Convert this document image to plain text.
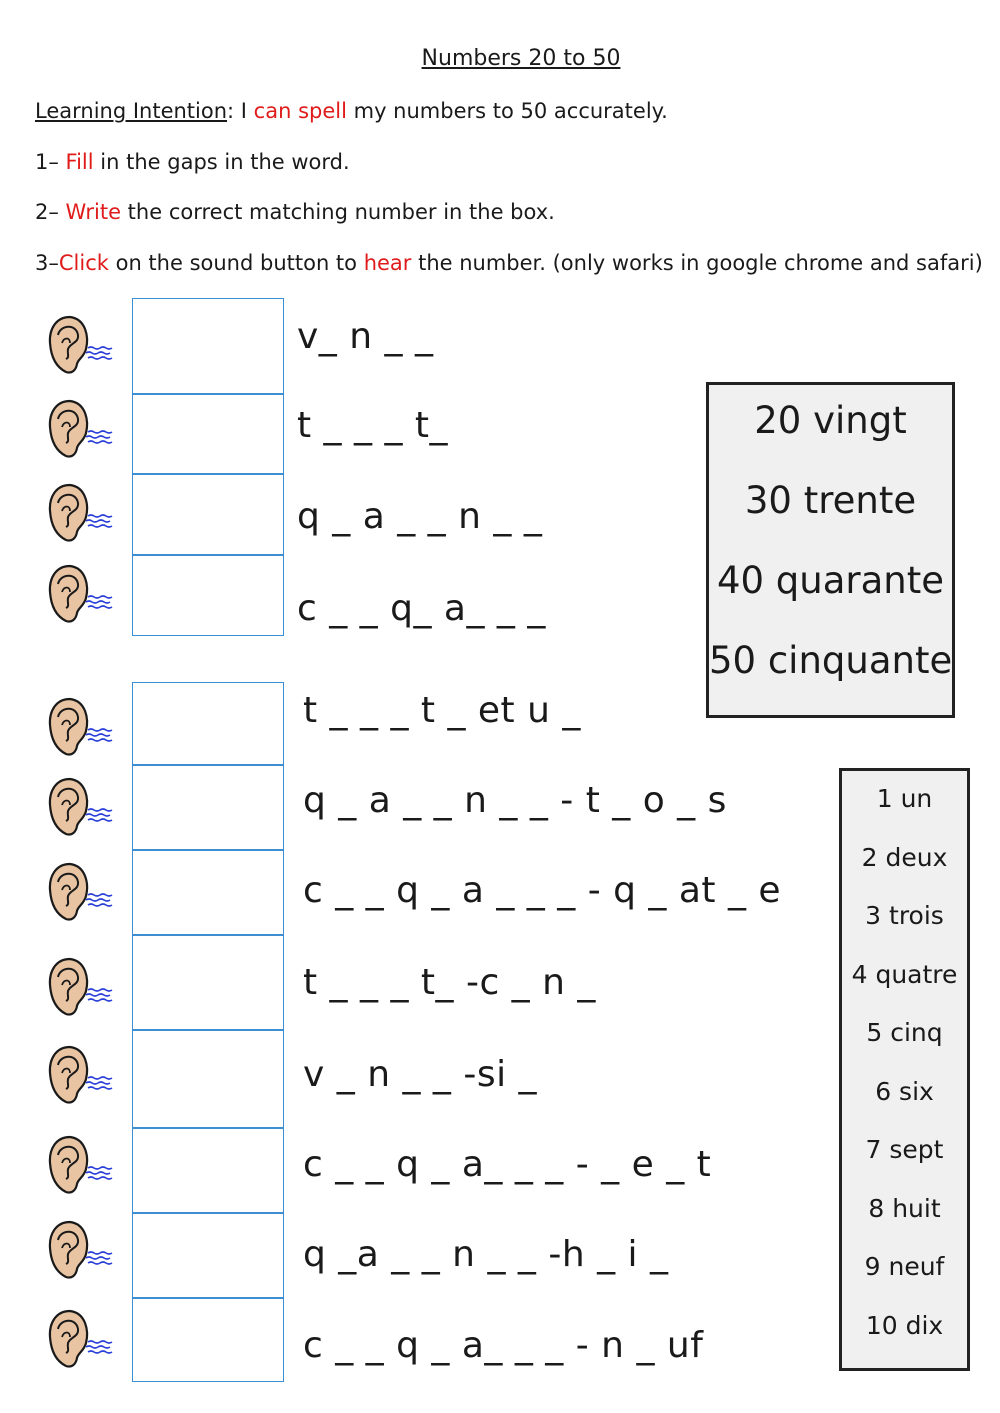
Numbers 20 to 50
Learning Intention: I can spell my numbers to 50 accurately.
1– Fill in the gaps in the word.
2– Write the correct matching number in the box.
3–Click on the sound button to hear the number. (only works in google chrome and safari)
v_ n _ _
t _ _ _ t_
q _ a _ _ n _ _
c _ _ q_ a_ _ _
t _ _ _ t _ et u _
q _ a _ _ n _ _ - t _ o _ s
c _ _ q _ a _ _ _ - q _ at _ e
t _ _ _ t_ -c _ n _
v _ n _ _ -si _
c _ _ q _ a_ _ _ - _ e _ t
q _a _ _ n _ _ -h _ i _
c _ _ q _ a_ _ _ - n _ uf
20 vingt
30 trente
40 quarante
50 cinquante
1 un
2 deux
3 trois
4 quatre
5 cinq
6 six
7 sept
8 huit
9 neuf
10 dix
